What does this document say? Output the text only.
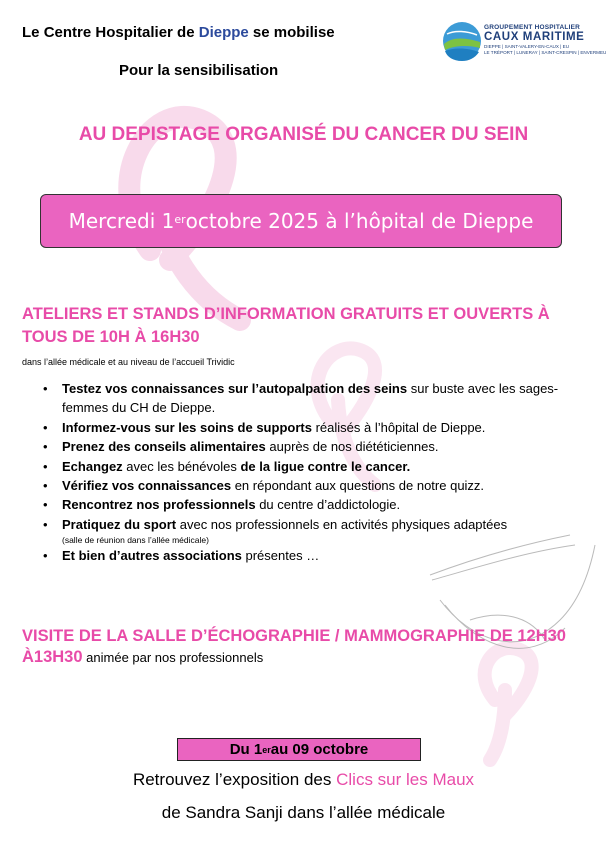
Le Centre Hospitalier de Dieppe se mobilise
Pour la sensibilisation
GROUPEMENT HOSPITALIER
CAUX MARITIME
DIEPPE | SAINT-VALERY-EN-CAUX | EU
LE TRÉPORT | LUNERAY | SAINT-CRESPIN | ENVERMEU
AU DEPISTAGE ORGANISÉ DU CANCER DU SEIN
Mercredi 1er octobre 2025 à l’hôpital de Dieppe
ATELIERS ET STANDS D’INFORMATION GRATUITS ET OUVERTS À TOUS DE 10H À 16H30
dans l’allée médicale et au niveau de l’accueil Trividic
• Testez vos connaissances sur l’autopalpation des seins sur buste avec les sages-femmes du CH de Dieppe.
• Informez-vous sur les soins de supports réalisés à l’hôpital de Dieppe.
• Prenez des conseils alimentaires auprès de nos diététiciennes.
• Echangez avec les bénévoles de la ligue contre le cancer.
• Vérifiez vos connaissances en répondant aux questions de notre quizz.
• Rencontrez nos professionnels du centre d’addictologie.
• Pratiquez du sport avec nos professionnels en activités physiques adaptées
(salle de réunion dans l’allée médicale)
• Et bien d’autres associations présentes …
VISITE DE LA SALLE D’ÉCHOGRAPHIE / MAMMOGRAPHIE DE 12H30 À13H30 animée par nos professionnels
Du 1 er au 09 octobre
Retrouvez l’exposition des Clics sur les Maux
de Sandra Sanji dans l’allée médicale
